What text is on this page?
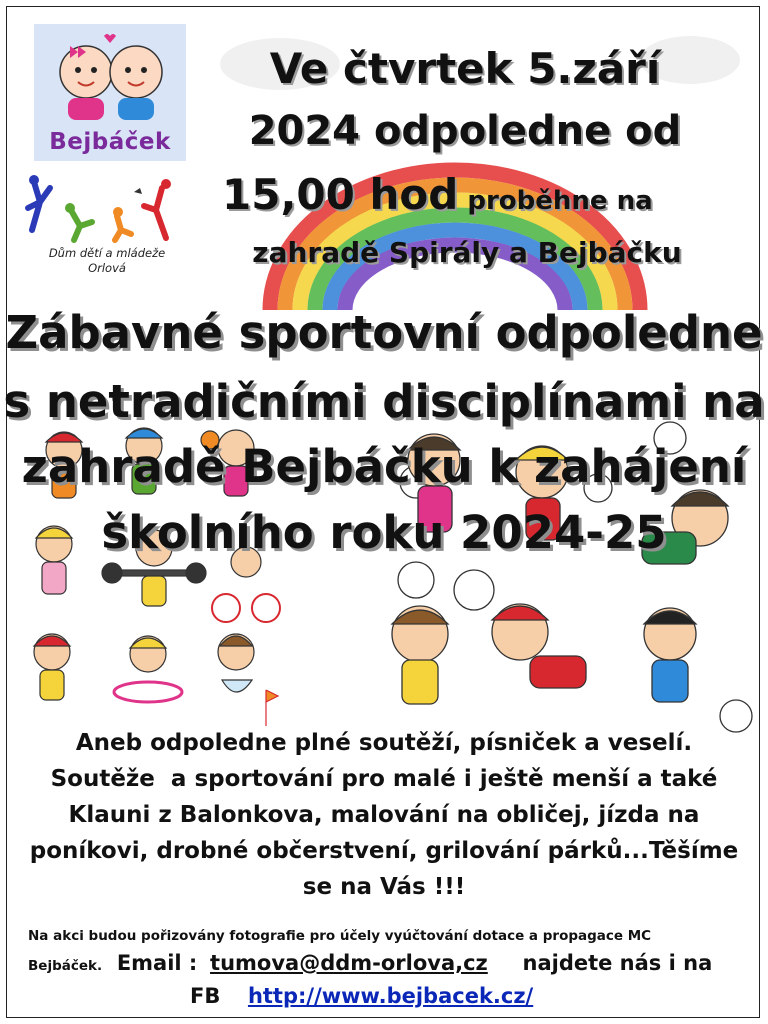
Bejbáček
Dům dětí a mládeže
Orlová
Ve čtvrtek 5.září
2024 odpoledne od
15,00 hod proběhne na
zahradě Spirály a Bejbáčku
Zábavné sportovní odpoledne
s netradičními disciplínami na
zahradě Bejbáčku k zahájení
školního roku 2024-25
Aneb odpoledne plné soutěží, písniček a veselí.
Soutěže  a sportování pro malé i ještě menší a také
Klauni z Balonkova, malování na obličej, jízda na
poníkovi, drobné občerstvení, grilování párků...Těšíme
se na Vás !!!
Na akci budou pořizovány fotografie pro účely vyúčtování dotace a propagace MC
Bejbáček. Email : tumova@ddm-orlova,cz najdete nás i na
FB http://www.bejbacek.cz/
